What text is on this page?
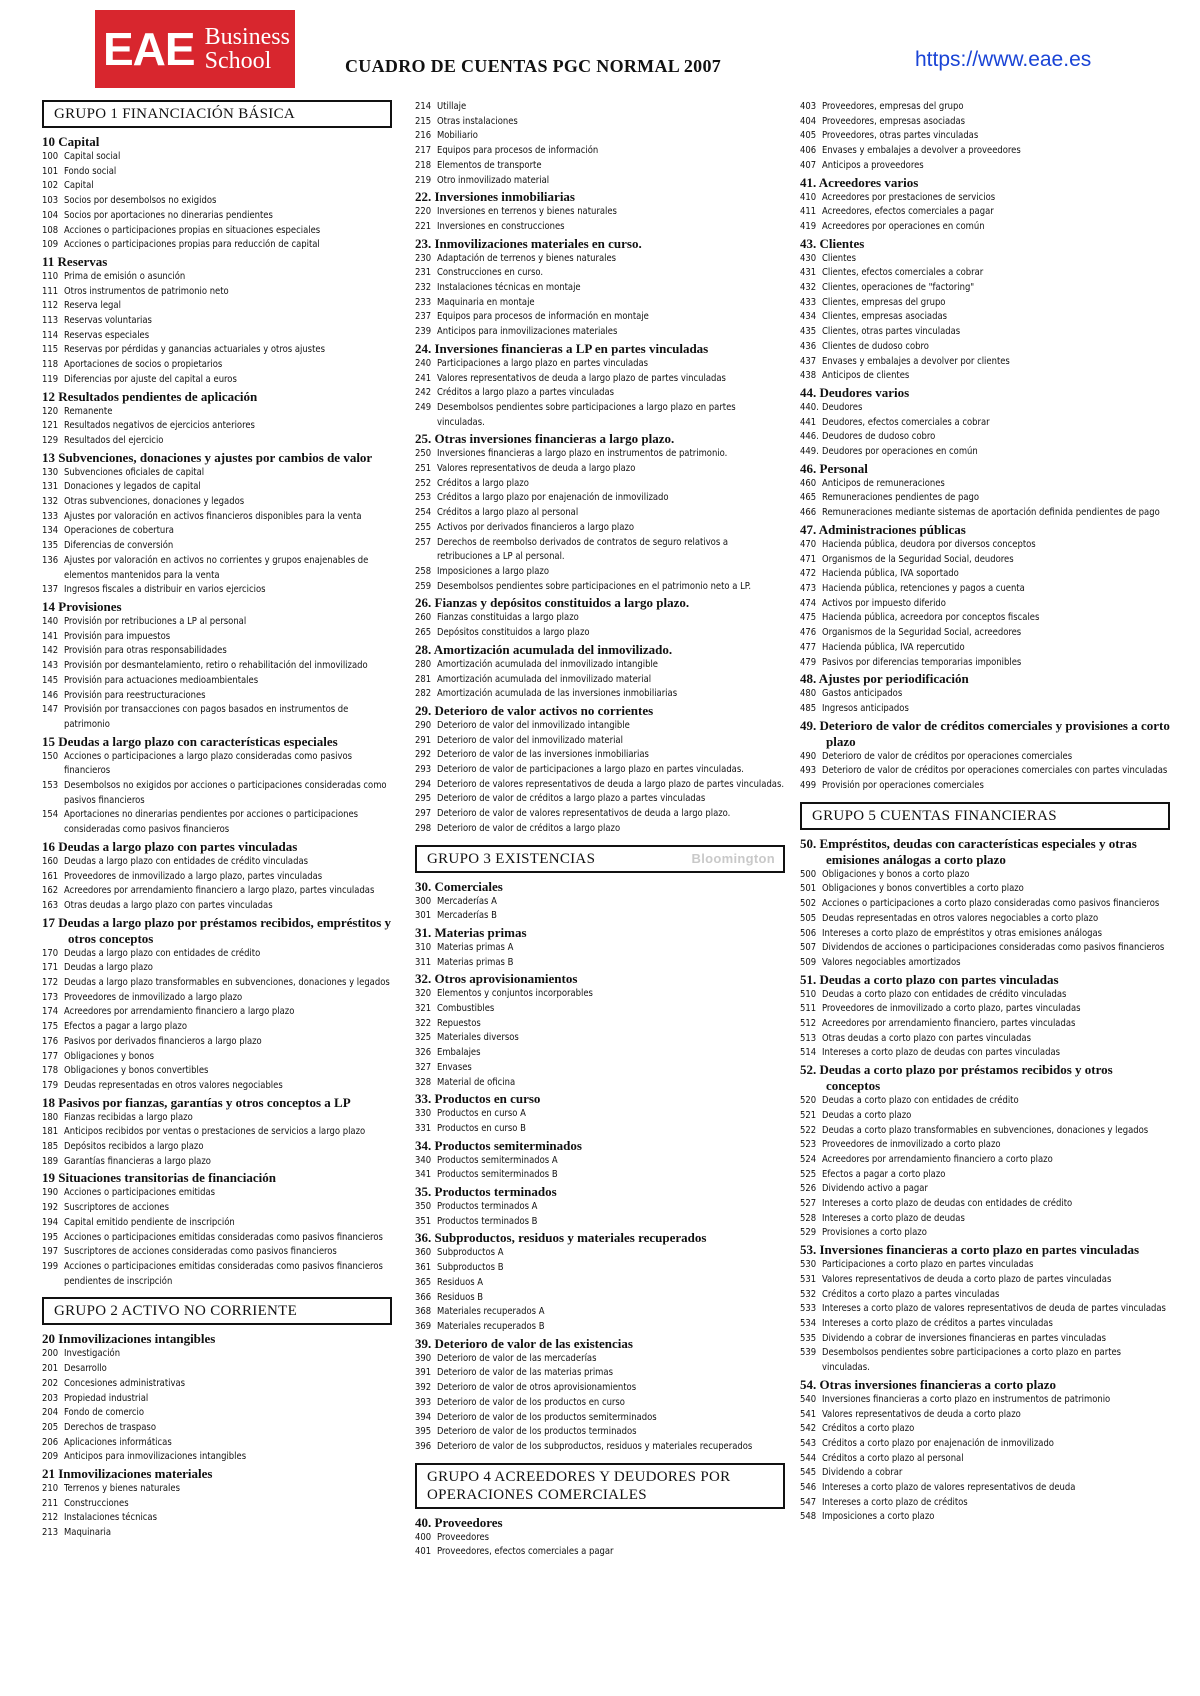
EAE Business
School	CUADRO DE CUENTAS PGC NORMAL 2007	https://www.eae.es
GRUPO 1 FINANCIACIÓN BÁSICA
10 Capital
100 Capital social
101 Fondo social
102 Capital
103 Socios por desembolsos no exigidos
104 Socios por aportaciones no dinerarias pendientes
108 Acciones o participaciones propias en situaciones especiales
109 Acciones o participaciones propias para reducción de capital
11 Reservas
110 Prima de emisión o asunción
111 Otros instrumentos de patrimonio neto
112 Reserva legal
113 Reservas voluntarias
114 Reservas especiales
115 Reservas por pérdidas y ganancias actuariales y otros ajustes
118 Aportaciones de socios o propietarios
119 Diferencias por ajuste del capital a euros
12 Resultados pendientes de aplicación
120 Remanente
121 Resultados negativos de ejercicios anteriores
129 Resultados del ejercicio
13 Subvenciones, donaciones y ajustes por cambios de valor
130 Subvenciones oficiales de capital
131 Donaciones y legados de capital
132 Otras subvenciones, donaciones y legados
133 Ajustes por valoración en activos financieros disponibles para la venta
134 Operaciones de cobertura
135 Diferencias de conversión
136 Ajustes por valoración en activos no corrientes y grupos enajenables de elementos mantenidos para la venta
137 Ingresos fiscales a distribuir en varios ejercicios
14 Provisiones
140 Provisión por retribuciones a LP al personal
141 Provisión para impuestos
142 Provisión para otras responsabilidades
143 Provisión por desmantelamiento, retiro o rehabilitación del inmovilizado
145 Provisión para actuaciones medioambientales
146 Provisión para reestructuraciones
147 Provisión por transacciones con pagos basados en instrumentos de patrimonio
15 Deudas a largo plazo con características especiales
150 Acciones o participaciones a largo plazo consideradas como pasivos financieros
153 Desembolsos no exigidos por acciones o participaciones consideradas como pasivos financieros
154 Aportaciones no dinerarias pendientes por acciones o participaciones consideradas como pasivos financieros
16 Deudas a largo plazo con partes vinculadas
160 Deudas a largo plazo con entidades de crédito vinculadas
161 Proveedores de inmovilizado a largo plazo, partes vinculadas
162 Acreedores por arrendamiento financiero a largo plazo, partes vinculadas
163 Otras deudas a largo plazo con partes vinculadas
17 Deudas a largo plazo por préstamos recibidos, empréstitos y otros conceptos
170 Deudas a largo plazo con entidades de crédito
171 Deudas a largo plazo
172 Deudas a largo plazo transformables en subvenciones, donaciones y legados
173 Proveedores de inmovilizado a largo plazo
174 Acreedores por arrendamiento financiero a largo plazo
175 Efectos a pagar a largo plazo
176 Pasivos por derivados financieros a largo plazo
177 Obligaciones y bonos
178 Obligaciones y bonos convertibles
179 Deudas representadas en otros valores negociables
18 Pasivos por fianzas, garantías y otros conceptos a LP
180 Fianzas recibidas a largo plazo
181 Anticipos recibidos por ventas o prestaciones de servicios a largo plazo
185 Depósitos recibidos a largo plazo
189 Garantías financieras a largo plazo
19 Situaciones transitorias de financiación
190 Acciones o participaciones emitidas
192 Suscriptores de acciones
194 Capital emitido pendiente de inscripción
195 Acciones o participaciones emitidas consideradas como pasivos financieros
197 Suscriptores de acciones consideradas como pasivos financieros
199 Acciones o participaciones emitidas consideradas como pasivos financieros pendientes de inscripción
GRUPO 2 ACTIVO NO CORRIENTE
20 Inmovilizaciones intangibles
200 Investigación
201 Desarrollo
202 Concesiones administrativas
203 Propiedad industrial
204 Fondo de comercio
205 Derechos de traspaso
206 Aplicaciones informáticas
209 Anticipos para inmovilizaciones intangibles
21 Inmovilizaciones materiales
210 Terrenos y bienes naturales
211 Construcciones
212 Instalaciones técnicas
213 Maquinaria
214 Utillaje
215 Otras instalaciones
216 Mobiliario
217 Equipos para procesos de información
218 Elementos de transporte
219 Otro inmovilizado material
22. Inversiones inmobiliarias
220 Inversiones en terrenos y bienes naturales
221 Inversiones en construcciones
23. Inmovilizaciones materiales en curso.
230 Adaptación de terrenos y bienes naturales
231 Construcciones en curso.
232 Instalaciones técnicas en montaje
233 Maquinaria en montaje
237 Equipos para procesos de información en montaje
239 Anticipos para inmovilizaciones materiales
24. Inversiones financieras a LP en partes vinculadas
240 Participaciones a largo plazo en partes vinculadas
241 Valores representativos de deuda a largo plazo de partes vinculadas
242 Créditos a largo plazo a partes vinculadas
249 Desembolsos pendientes sobre participaciones a largo plazo en partes vinculadas.
25. Otras inversiones financieras a largo plazo.
250 Inversiones financieras a largo plazo en instrumentos de patrimonio.
251 Valores representativos de deuda a largo plazo
252 Créditos a largo plazo
253 Créditos a largo plazo por enajenación de inmovilizado
254 Créditos a largo plazo al personal
255 Activos por derivados financieros a largo plazo
257 Derechos de reembolso derivados de contratos de seguro relativos a retribuciones a LP al personal.
258 Imposiciones a largo plazo
259 Desembolsos pendientes sobre participaciones en el patrimonio neto a LP.
26. Fianzas y depósitos constituidos a largo plazo.
260 Fianzas constituidas a largo plazo
265 Depósitos constituidos a largo plazo
28. Amortización acumulada del inmovilizado.
280 Amortización acumulada del inmovilizado intangible
281 Amortización acumulada del inmovilizado material
282 Amortización acumulada de las inversiones inmobiliarias
29. Deterioro de valor activos no corrientes
290 Deterioro de valor del inmovilizado intangible
291 Deterioro de valor del inmovilizado material
292 Deterioro de valor de las inversiones inmobiliarias
293 Deterioro de valor de participaciones a largo plazo en partes vinculadas.
294 Deterioro de valores representativos de deuda a largo plazo de partes vinculadas.
295 Deterioro de valor de créditos a largo plazo a partes vinculadas
297 Deterioro de valor de valores representativos de deuda a largo plazo.
298 Deterioro de valor de créditos a largo plazo
GRUPO 3 EXISTENCIAS	Bloomington
30. Comerciales
300 Mercaderías A
301 Mercaderías B
31. Materias primas
310 Materias primas A
311 Materias primas B
32. Otros aprovisionamientos
320 Elementos y conjuntos incorporables
321 Combustibles
322 Repuestos
325 Materiales diversos
326 Embalajes
327 Envases
328 Material de oficina
33. Productos en curso
330 Productos en curso A
331 Productos en curso B
34. Productos semiterminados
340 Productos semiterminados A
341 Productos semiterminados B
35. Productos terminados
350 Productos terminados A
351 Productos terminados B
36. Subproductos, residuos y materiales recuperados
360 Subproductos A
361 Subproductos B
365 Residuos A
366 Residuos B
368 Materiales recuperados A
369 Materiales recuperados B
39. Deterioro de valor de las existencias
390 Deterioro de valor de las mercaderías
391 Deterioro de valor de las materias primas
392 Deterioro de valor de otros aprovisionamientos
393 Deterioro de valor de los productos en curso
394 Deterioro de valor de los productos semiterminados
395 Deterioro de valor de los productos terminados
396 Deterioro de valor de los subproductos, residuos y materiales recuperados
GRUPO 4 ACREEDORES Y DEUDORES POR OPERACIONES COMERCIALES
40. Proveedores
400 Proveedores
401 Proveedores, efectos comerciales a pagar
403 Proveedores, empresas del grupo
404 Proveedores, empresas asociadas
405 Proveedores, otras partes vinculadas
406 Envases y embalajes a devolver a proveedores
407 Anticipos a proveedores
41. Acreedores varios
410 Acreedores por prestaciones de servicios
411 Acreedores, efectos comerciales a pagar
419 Acreedores por operaciones en común
43. Clientes
430 Clientes
431 Clientes, efectos comerciales a cobrar
432 Clientes, operaciones de "factoring"
433 Clientes, empresas del grupo
434 Clientes, empresas asociadas
435 Clientes, otras partes vinculadas
436 Clientes de dudoso cobro
437 Envases y embalajes a devolver por clientes
438 Anticipos de clientes
44. Deudores varios
440. Deudores
441 Deudores, efectos comerciales a cobrar
446. Deudores de dudoso cobro
449. Deudores por operaciones en común
46. Personal
460 Anticipos de remuneraciones
465 Remuneraciones pendientes de pago
466 Remuneraciones mediante sistemas de aportación definida pendientes de pago
47. Administraciones públicas
470 Hacienda pública, deudora por diversos conceptos
471 Organismos de la Seguridad Social, deudores
472 Hacienda pública, IVA soportado
473 Hacienda pública, retenciones y pagos a cuenta
474 Activos por impuesto diferido
475 Hacienda pública, acreedora por conceptos fiscales
476 Organismos de la Seguridad Social, acreedores
477 Hacienda pública, IVA repercutido
479 Pasivos por diferencias temporarias imponibles
48. Ajustes por periodificación
480 Gastos anticipados
485 Ingresos anticipados
49. Deterioro de valor de créditos comerciales y provisiones a corto plazo
490 Deterioro de valor de créditos por operaciones comerciales
493 Deterioro de valor de créditos por operaciones comerciales con partes vinculadas
499 Provisión por operaciones comerciales
GRUPO 5 CUENTAS FINANCIERAS
50. Empréstitos, deudas con características especiales y otras emisiones análogas a corto plazo
500 Obligaciones y bonos a corto plazo
501 Obligaciones y bonos convertibles a corto plazo
502 Acciones o participaciones a corto plazo consideradas como pasivos financieros
505 Deudas representadas en otros valores negociables a corto plazo
506 Intereses a corto plazo de empréstitos y otras emisiones análogas
507 Dividendos de acciones o participaciones consideradas como pasivos financieros
509 Valores negociables amortizados
51. Deudas a corto plazo con partes vinculadas
510 Deudas a corto plazo con entidades de crédito vinculadas
511 Proveedores de inmovilizado a corto plazo, partes vinculadas
512 Acreedores por arrendamiento financiero, partes vinculadas
513 Otras deudas a corto plazo con partes vinculadas
514 Intereses a corto plazo de deudas con partes vinculadas
52. Deudas a corto plazo por préstamos recibidos y otros conceptos
520 Deudas a corto plazo con entidades de crédito
521 Deudas a corto plazo
522 Deudas a corto plazo transformables en subvenciones, donaciones y legados
523 Proveedores de inmovilizado a corto plazo
524 Acreedores por arrendamiento financiero a corto plazo
525 Efectos a pagar a corto plazo
526 Dividendo activo a pagar
527 Intereses a corto plazo de deudas con entidades de crédito
528 Intereses a corto plazo de deudas
529 Provisiones a corto plazo
53. Inversiones financieras a corto plazo en partes vinculadas
530 Participaciones a corto plazo en partes vinculadas
531 Valores representativos de deuda a corto plazo de partes vinculadas
532 Créditos a corto plazo a partes vinculadas
533 Intereses a corto plazo de valores representativos de deuda de partes vinculadas
534 Intereses a corto plazo de créditos a partes vinculadas
535 Dividendo a cobrar de inversiones financieras en partes vinculadas
539 Desembolsos pendientes sobre participaciones a corto plazo en partes vinculadas.
54. Otras inversiones financieras a corto plazo
540 Inversiones financieras a corto plazo en instrumentos de patrimonio
541 Valores representativos de deuda a corto plazo
542 Créditos a corto plazo
543 Créditos a corto plazo por enajenación de inmovilizado
544 Créditos a corto plazo al personal
545 Dividendo a cobrar
546 Intereses a corto plazo de valores representativos de deuda
547 Intereses a corto plazo de créditos
548 Imposiciones a corto plazo
